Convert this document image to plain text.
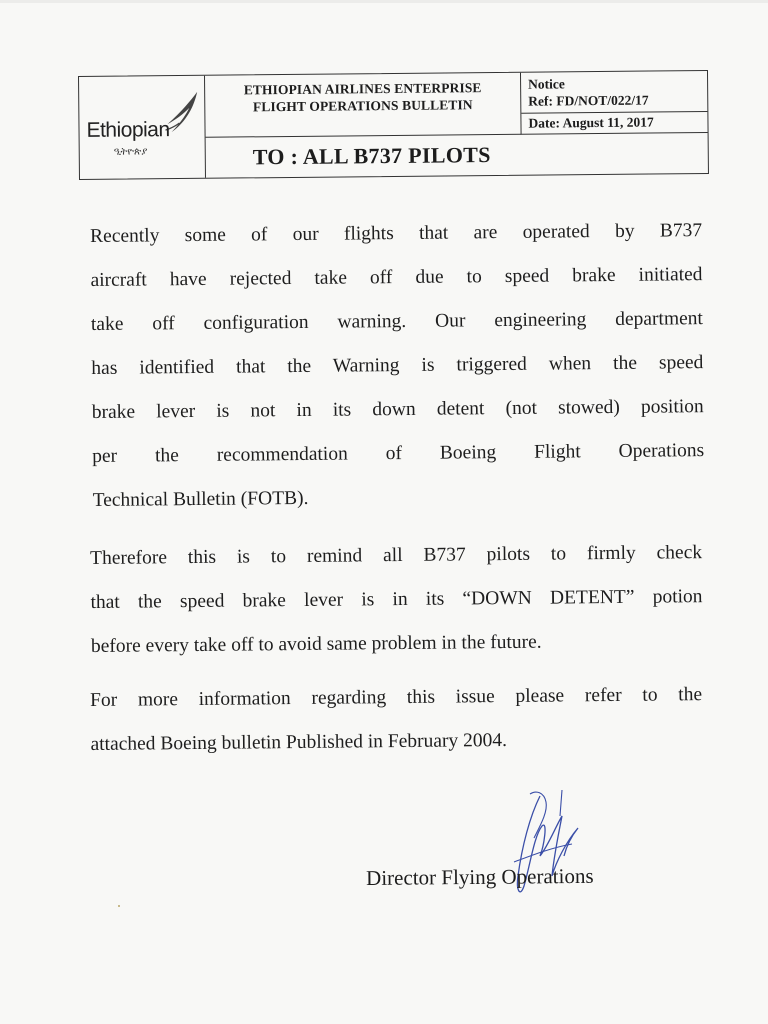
Ethiopian
ዒትዮጵያ
ETHIOPIAN AIRLINES ENTERPRISE
FLIGHT OPERATIONS BULLETIN
Notice
Ref: FD/NOT/022/17
Date: August 11, 2017
TO : ALL B737 PILOTS
Recently some of our flights that are operated by B737
aircraft have rejected take off due to speed brake initiated
take off configuration warning. Our engineering department
has identified that the Warning is triggered when the speed
brake lever is not in its down detent (not stowed) position
per the recommendation of Boeing Flight Operations
Technical Bulletin (FOTB).
Therefore this is to remind all B737 pilots to firmly check
that the speed brake lever is in its “DOWN DETENT” potion
before every take off to avoid same problem in the future.
For more information regarding this issue please refer to the
attached Boeing bulletin Published in February 2004.
Director Flying Operations
